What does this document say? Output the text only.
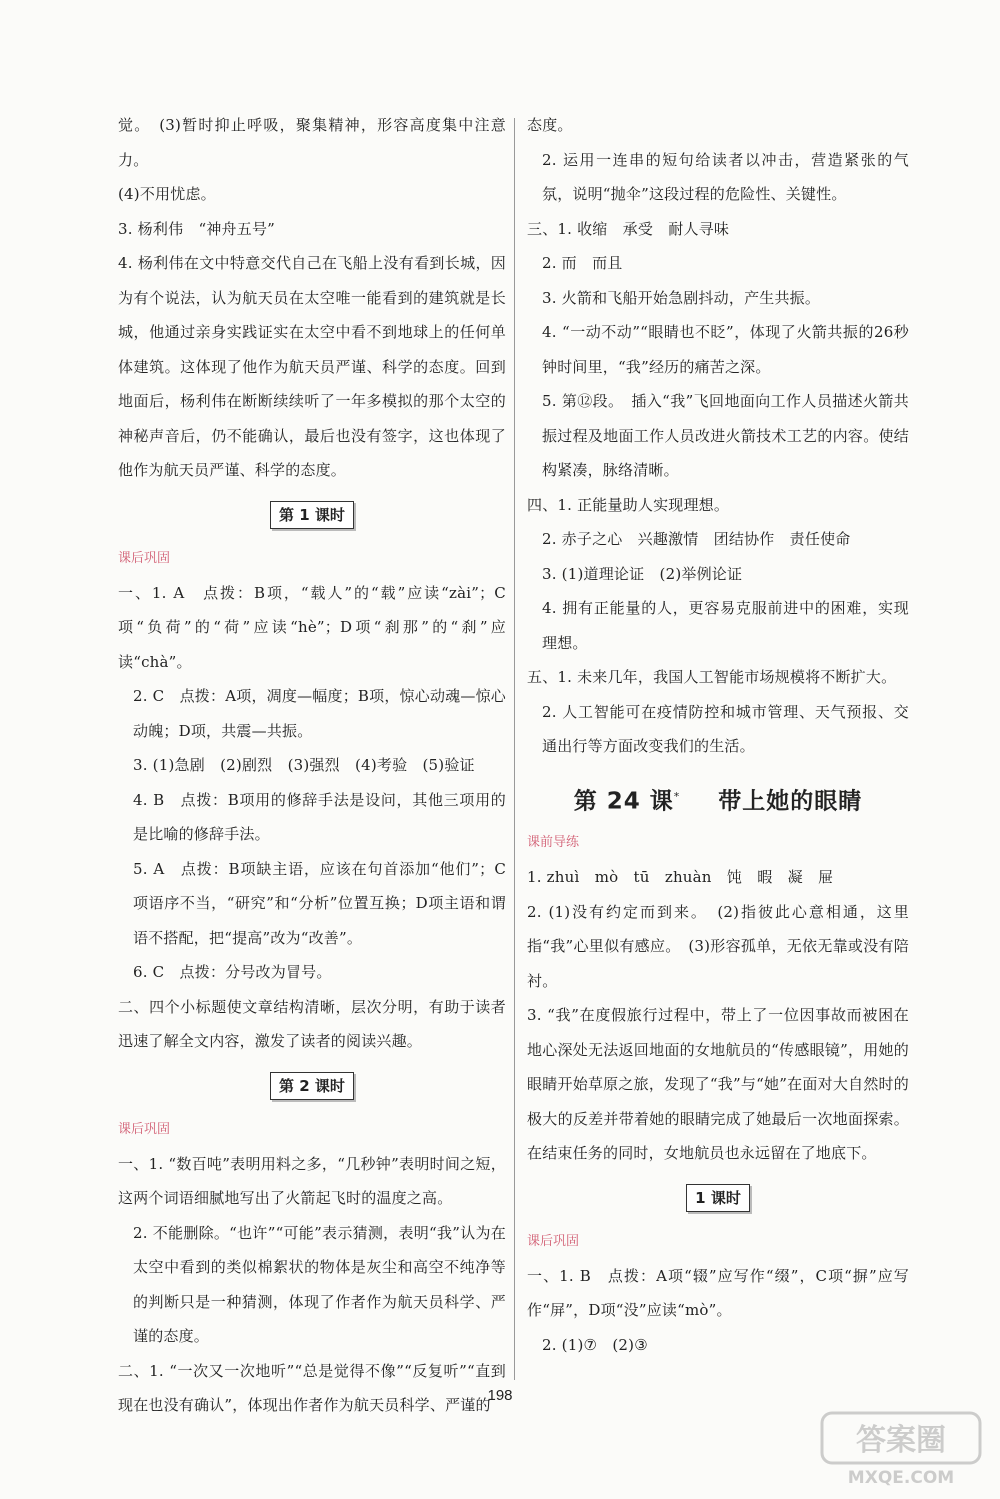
觉。　(3)暂时抑止呼吸，聚集精神，形容高度集中注意力。

(4)不用忧虑。

3. 杨利伟　“神舟五号”

4. 杨利伟在文中特意交代自己在飞船上没有看到长城，因为有个说法，认为航天员在太空唯一能看到的建筑就是长城，他通过亲身实践证实在太空中看不到地球上的任何单体建筑。这体现了他作为航天员严谨、科学的态度。回到地面后，杨利伟在断断续续听了一年多模拟的那个太空的神秘声音后，仍不能确认，最后也没有签字，这也体现了他作为航天员严谨、科学的态度。

第 1 课时

课后巩固

一、1. A　点拨：B项，“载人”的“载”应读“zài”；C项“负荷”的“荷”应读“hè”；D项“刹那”的“刹”应读“chà”。

2. C　点拨：A项，凋度—幅度；B项，惊心动魂—惊心动魄；D项，共震—共振。

3. (1)急剧　(2)剧烈　(3)强烈　(4)考验　(5)验证

4. B　点拨：B项用的修辞手法是设问，其他三项用的是比喻的修辞手法。

5. A　点拨：B项缺主语，应该在句首添加“他们”；C项语序不当，“研究”和“分析”位置互换；D项主语和谓语不搭配，把“提高”改为“改善”。

6. C　点拨：分号改为冒号。

二、四个小标题使文章结构清晰，层次分明，有助于读者迅速了解全文内容，激发了读者的阅读兴趣。

第 2 课时

课后巩固

一、1. “数百吨”表明用料之多，“几秒钟”表明时间之短，这两个词语细腻地写出了火箭起飞时的温度之高。

2. 不能删除。“也许”“可能”表示猜测，表明“我”认为在太空中看到的类似棉絮状的物体是灰尘和高空不纯净等的判断只是一种猜测，体现了作者作为航天员科学、严谨的态度。

二、1. “一次又一次地听”“总是觉得不像”“反复听”“直到现在也没有确认”，体现出作者作为航天员科学、严谨的

态度。

2. 运用一连串的短句给读者以冲击，营造紧张的气氛，说明“抛伞”这段过程的危险性、关键性。

三、1. 收缩　承受　耐人寻味

2. 而　而且

3. 火箭和飞船开始急剧抖动，产生共振。

4. “一动不动”“眼睛也不眨”，体现了火箭共振的26秒钟时间里，“我”经历的痛苦之深。

5. 第⑫段。　插入“我”飞回地面向工作人员描述火箭共振过程及地面工作人员改进火箭技术工艺的内容。使结构紧凑，脉络清晰。

四、1. 正能量助人实现理想。

2. 赤子之心　兴趣激情　团结协作　责任使命

3. (1)道理论证　(2)举例论证

4. 拥有正能量的人，更容易克服前进中的困难，实现理想。

五、1. 未来几年，我国人工智能市场规模将不断扩大。

2. 人工智能可在疫情防控和城市管理、天气预报、交通出行等方面改变我们的生活。

第 24 课* 带上她的眼睛

课前导练

1. zhuì　mò　tū　zhuàn　饨　暇　凝　屉

2. (1)没有约定而到来。　(2)指彼此心意相通，这里指“我”心里似有感应。　(3)形容孤单，无依无靠或没有陪衬。

3. “我”在度假旅行过程中，带上了一位因事故而被困在地心深处无法返回地面的女地航员的“传感眼镜”，用她的眼睛开始草原之旅，发现了“我”与“她”在面对大自然时的极大的反差并带着她的眼睛完成了她最后一次地面探索。在结束任务的同时，女地航员也永远留在了地底下。

1 课时

课后巩固

一、1. B　点拨：A项“辍”应写作“缀”，C项“摒”应写作“屏”，D项“没”应读“mò”。

2. (1)⑦　(2)③

198
答案圈
MXQE.COM
